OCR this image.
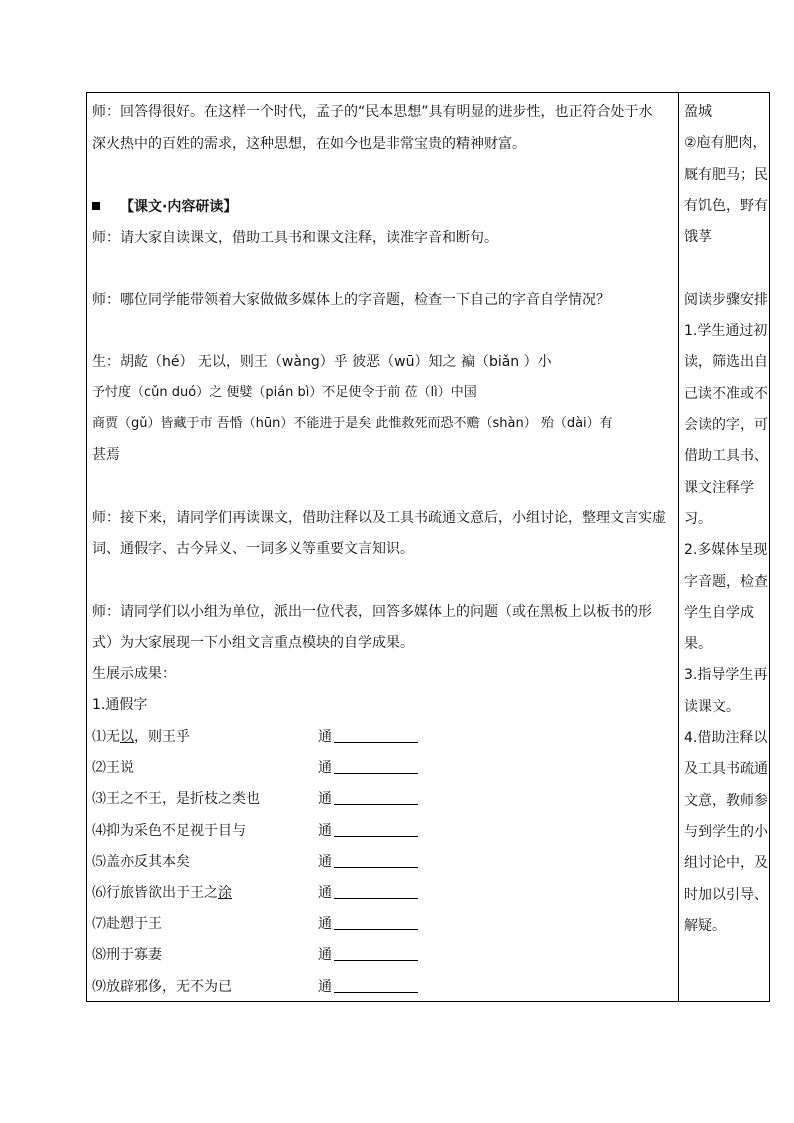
师：回答得很好。在这样一个时代，孟子的“民本思想”具有明显的进步性，也正符合处于水
深火热中的百姓的需求，这种思想，在如今也是非常宝贵的精神财富。
【课文·内容研读】
师：请大家自读课文，借助工具书和课文注释，读准字音和断句。
师：哪位同学能带领着大家做做多媒体上的字音题，检查一下自己的字音自学情况？
生：胡龁（hé） 无以，则王（wàng）乎 彼恶（wū）知之 褊（biǎn ）小
予忖度（cǔn duó）之 便嬖（pián bì）不足使令于前 莅（lì）中国
商贾（gǔ）皆藏于市 吾惛（hūn）不能进于是矣 此惟救死而恐不赡（shàn） 殆（dài）有
甚焉
师：接下来，请同学们再读课文，借助注释以及工具书疏通文意后，小组讨论，整理文言实虚
词、通假字、古今异义、一词多义等重要文言知识。
师：请同学们以小组为单位，派出一位代表，回答多媒体上的问题（或在黑板上以板书的形
式）为大家展现一下小组文言重点模块的自学成果。
生展示成果：
1.通假字
⑴无以，则王乎	通
⑵王说	通
⑶王之不王，是折枝之类也	通
⑷抑为采色不足视于目与	通
⑸盖亦反其本矣	通
⑹行旅皆欲出于王之涂	通
⑺赴愬于王	通
⑻刑于寡妻	通
⑼放辟邪侈，无不为已	通
盈城
②庖有肥肉，
厩有肥马；民
有饥色，野有
饿莩
阅读步骤安排
1.学生通过初
读，筛选出自
己读不准或不
会读的字，可
借助工具书、
课文注释学
习。
2.多媒体呈现
字音题，检查
学生自学成
果。
3.指导学生再
读课文。
4.借助注释以
及工具书疏通
文意，教师参
与到学生的小
组讨论中，及
时加以引导、
解疑。
